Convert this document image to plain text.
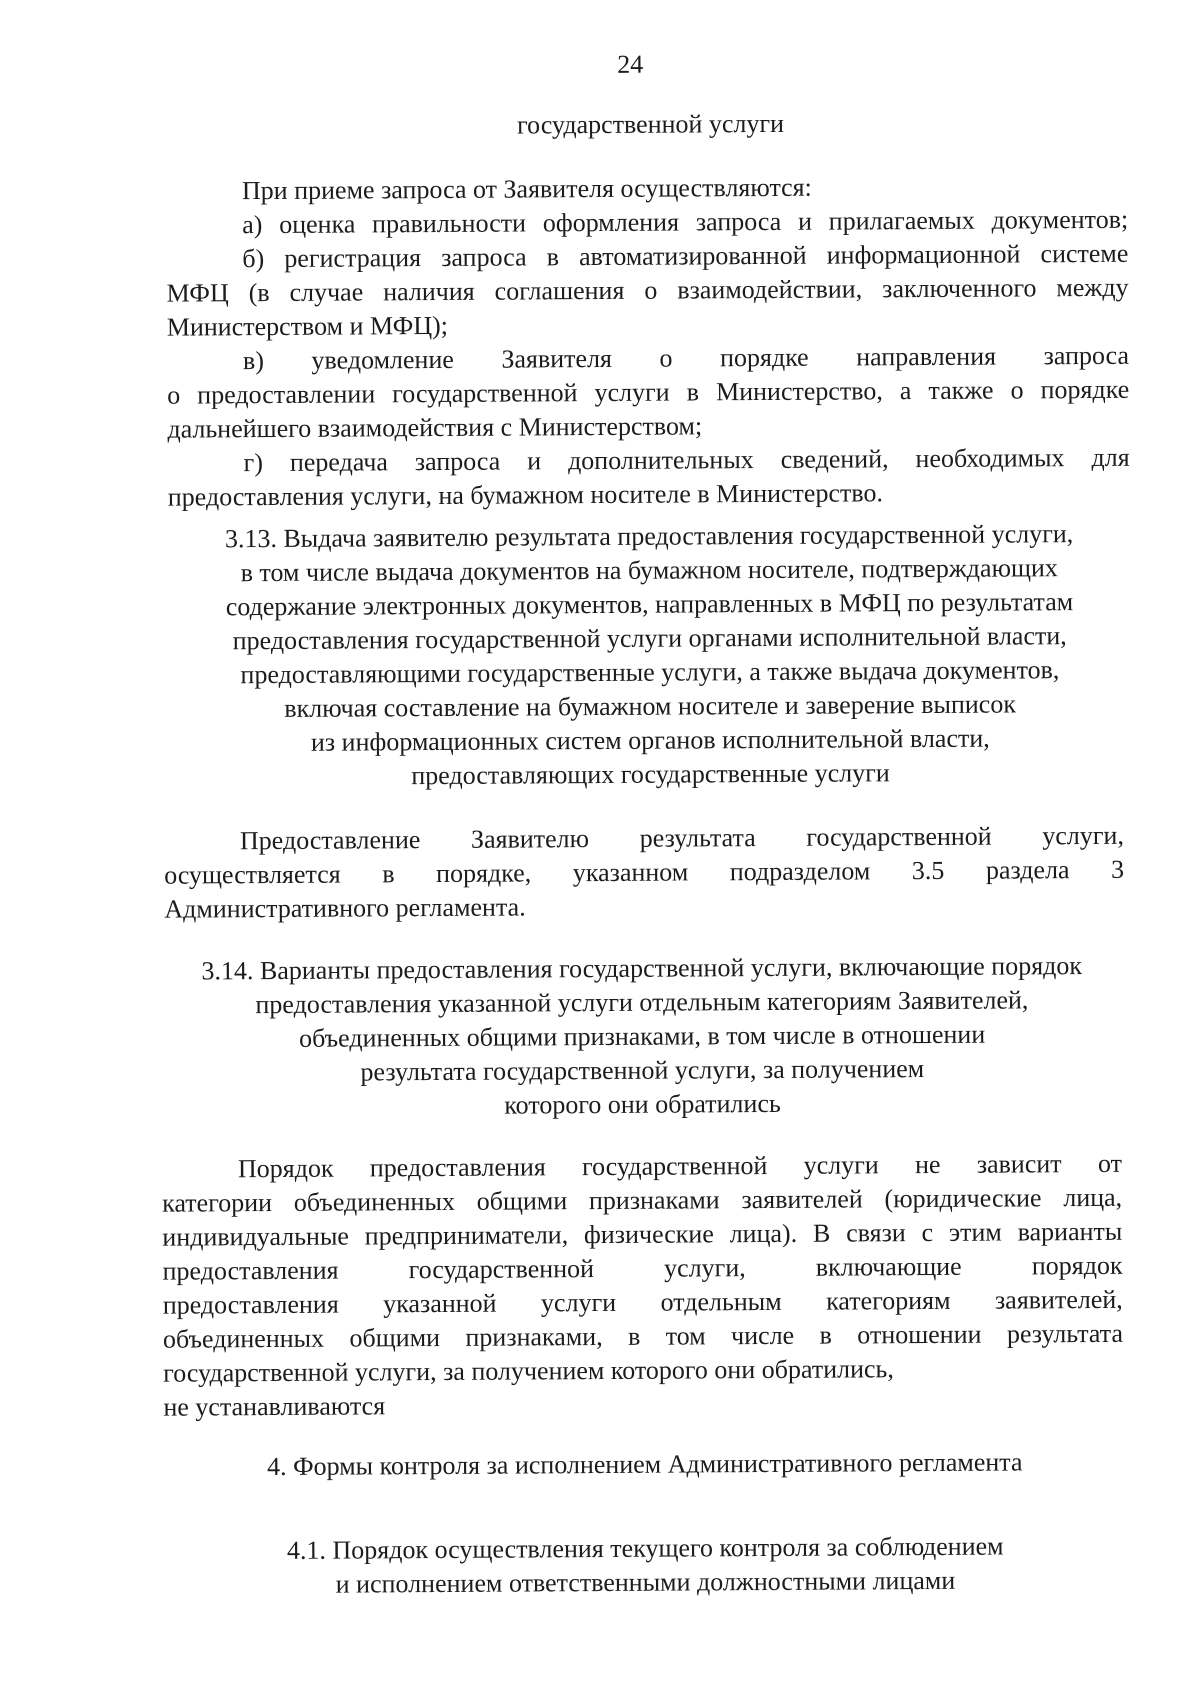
24
государственной услуги
При приеме запроса от Заявителя осуществляются:
а) оценка правильности оформления запроса и прилагаемых документов;
б) регистрация запроса в автоматизированной информационной системе
МФЦ (в случае наличия соглашения о взаимодействии, заключенного между
Министерством и МФЦ);
в) уведомление Заявителя о порядке направления запроса
о предоставлении государственной услуги в Министерство, а также о порядке
дальнейшего взаимодействия с Министерством;
г) передача запроса и дополнительных сведений, необходимых для
предоставления услуги, на бумажном носителе в Министерство.
3.13. Выдача заявителю результата предоставления государственной услуги,
в том числе выдача документов на бумажном носителе, подтверждающих
содержание электронных документов, направленных в МФЦ по результатам
предоставления государственной услуги органами исполнительной власти,
предоставляющими государственные услуги, а также выдача документов,
включая составление на бумажном носителе и заверение выписок
из информационных систем органов исполнительной власти,
предоставляющих государственные услуги
Предоставление Заявителю результата государственной услуги,
осуществляется в порядке, указанном подразделом 3.5 раздела 3
Административного регламента.
3.14. Варианты предоставления государственной услуги, включающие порядок
предоставления указанной услуги отдельным категориям Заявителей,
объединенных общими признаками, в том числе в отношении
результата государственной услуги, за получением
которого они обратились
Порядок предоставления государственной услуги не зависит от
категории объединенных общими признаками заявителей (юридические лица,
индивидуальные предприниматели, физические лица). В связи с этим варианты
предоставления государственной услуги, включающие порядок
предоставления указанной услуги отдельным категориям заявителей,
объединенных общими признаками, в том числе в отношении результата
государственной услуги, за получением которого они обратились,
не устанавливаются
4. Формы контроля за исполнением Административного регламента
4.1. Порядок осуществления текущего контроля за соблюдением
и исполнением ответственными должностными лицами
